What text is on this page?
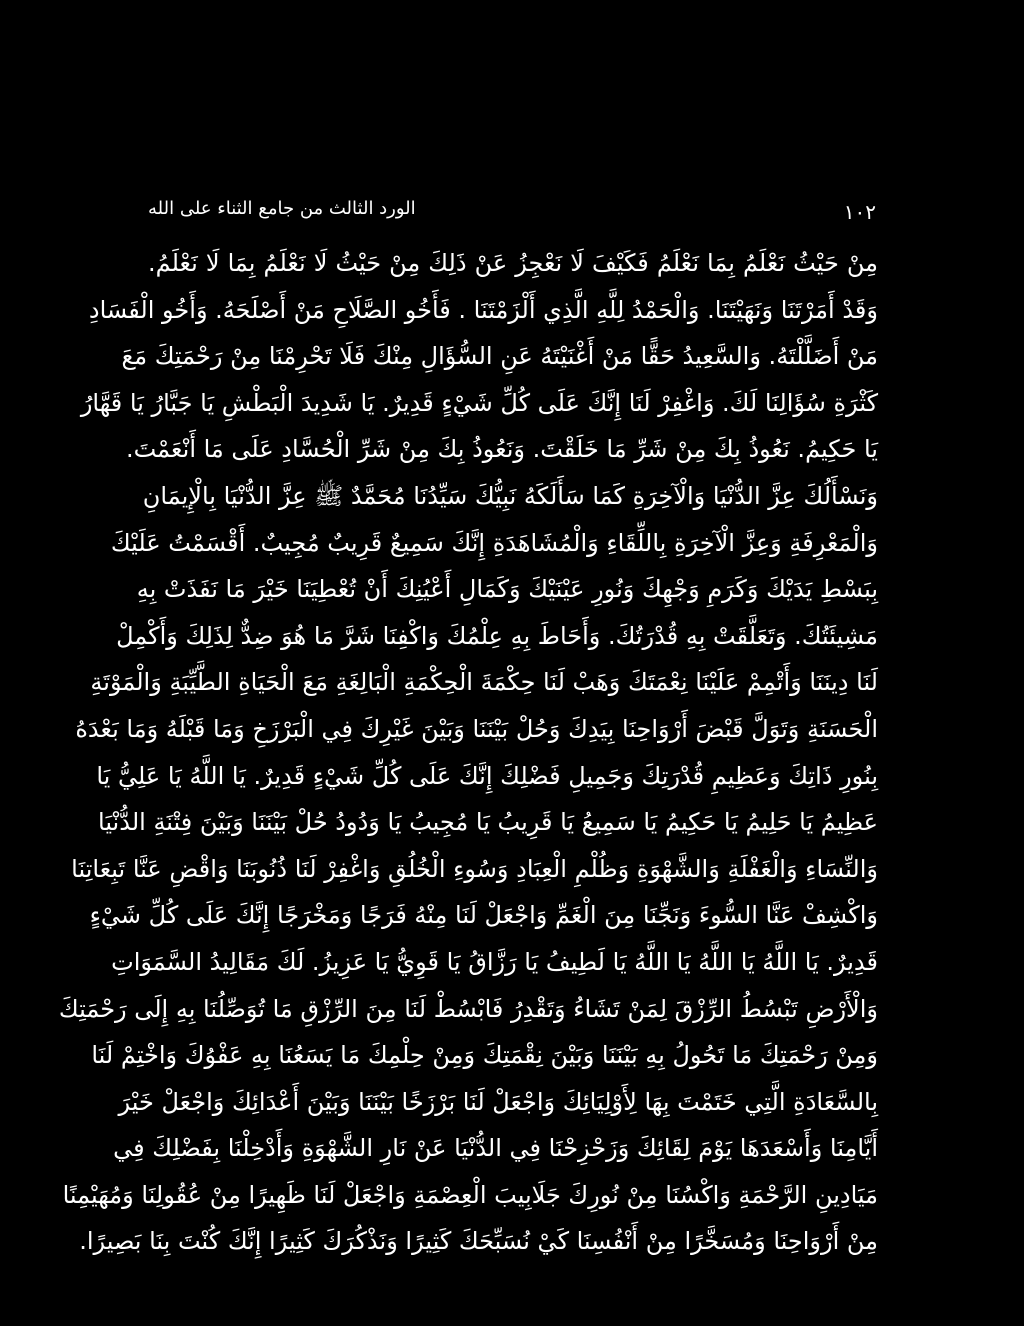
١٠٢
الورد الثالث من جامع الثناء على الله
مِنْ حَيْثُ نَعْلَمُ بِمَا نَعْلَمُ فَكَيْفَ لَا نَعْجِزُ عَنْ ذَلِكَ مِنْ حَيْثُ لَا نَعْلَمُ بِمَا لَا نَعْلَمُ.
وَقَدْ أَمَرْتَنَا وَنَهَيْتَنَا. وَالْحَمْدُ لِلَّهِ الَّذِي أَلْزَمْتَنَا . فَأَخُو الصَّلَاحِ مَنْ أَصْلَحَهُ. وَأَخُو الْفَسَادِ
مَنْ أَضَلَّلْتَهُ. وَالسَّعِيدُ حَقًّا مَنْ أَغْنَيْتَهُ عَنِ السُّؤَالِ مِنْكَ فَلَا تَحْرِمْنَا مِنْ رَحْمَتِكَ مَعَ
كَثْرَةِ سُؤَالِنَا لَكَ. وَاغْفِرْ لَنَا إِنَّكَ عَلَى كُلِّ شَيْءٍ قَدِيرٌ. يَا شَدِيدَ الْبَطْشِ يَا جَبَّارُ يَا قَهَّارُ
يَا حَكِيمُ. نَعُوذُ بِكَ مِنْ شَرِّ مَا خَلَقْتَ. وَنَعُوذُ بِكَ مِنْ شَرِّ الْحُسَّادِ عَلَى مَا أَنْعَمْتَ.
وَنَسْأَلُكَ عِزَّ الدُّنْيَا وَالْآخِرَةِ كَمَا سَأَلَكَهُ نَبِيُّكَ سَيِّدُنَا مُحَمَّدٌ ﷺ عِزَّ الدُّنْيَا بِالْإِيمَانِ
وَالْمَعْرِفَةِ وَعِزَّ الْآخِرَةِ بِاللِّقَاءِ وَالْمُشَاهَدَةِ إِنَّكَ سَمِيعٌ قَرِيبٌ مُجِيبٌ. أَقْسَمْتُ عَلَيْكَ
بِبَسْطِ يَدَيْكَ وَكَرَمِ وَجْهِكَ وَنُورِ عَيْنَيْكَ وَكَمَالِ أَعْيُنِكَ أَنْ تُعْطِيَنَا خَيْرَ مَا نَفَذَتْ بِهِ
مَشِيئَتُكَ. وَتَعَلَّقَتْ بِهِ قُدْرَتُكَ. وَأَحَاطَ بِهِ عِلْمُكَ وَاكْفِنَا شَرَّ مَا هُوَ ضِدٌّ لِذَلِكَ وَأَكْمِلْ
لَنَا دِينَنَا وَأَتْمِمْ عَلَيْنَا نِعْمَتَكَ وَهَبْ لَنَا حِكْمَةَ الْحِكْمَةِ الْبَالِغَةِ مَعَ الْحَيَاةِ الطَّيِّبَةِ وَالْمَوْتَةِ
الْحَسَنَةِ وَتَوَلَّ قَبْضَ أَرْوَاحِنَا بِيَدِكَ وَحُلْ بَيْنَنَا وَبَيْنَ غَيْرِكَ فِي الْبَرْزَخِ وَمَا قَبْلَهُ وَمَا بَعْدَهُ
بِنُورِ ذَاتِكَ وَعَظِيمِ قُدْرَتِكَ وَجَمِيلِ فَضْلِكَ إِنَّكَ عَلَى كُلِّ شَيْءٍ قَدِيرٌ. يَا اللَّهُ يَا عَلِيُّ يَا
عَظِيمُ يَا حَلِيمُ يَا حَكِيمُ يَا سَمِيعُ يَا قَرِيبُ يَا مُجِيبُ يَا وَدُودُ حُلْ بَيْنَنَا وَبَيْنَ فِتْنَةِ الدُّنْيَا
وَالنِّسَاءِ وَالْغَفْلَةِ وَالشَّهْوَةِ وَظُلْمِ الْعِبَادِ وَسُوءِ الْخُلُقِ وَاغْفِرْ لَنَا ذُنُوبَنَا وَاقْضِ عَنَّا تَبِعَاتِنَا
وَاكْشِفْ عَنَّا السُّوءَ وَنَجِّنَا مِنَ الْغَمِّ وَاجْعَلْ لَنَا مِنْهُ فَرَجًا وَمَخْرَجًا إِنَّكَ عَلَى كُلِّ شَيْءٍ
قَدِيرٌ. يَا اللَّهُ يَا اللَّهُ يَا اللَّهُ يَا لَطِيفُ يَا رَزَّاقُ يَا قَوِيُّ يَا عَزِيزُ. لَكَ مَقَالِيدُ السَّمَوَاتِ
وَالْأَرْضِ تَبْسُطُ الرِّزْقَ لِمَنْ تَشَاءُ وَتَقْدِرُ فَابْسُطْ لَنَا مِنَ الرِّزْقِ مَا تُوَصِّلُنَا بِهِ إِلَى رَحْمَتِكَ
وَمِنْ رَحْمَتِكَ مَا تَحُولُ بِهِ بَيْنَنَا وَبَيْنَ نِقْمَتِكَ وَمِنْ حِلْمِكَ مَا يَسَعُنَا بِهِ عَفْوُكَ وَاخْتِمْ لَنَا
بِالسَّعَادَةِ الَّتِي خَتَمْتَ بِهَا لِأَوْلِيَائِكَ وَاجْعَلْ لَنَا بَرْزَخًا بَيْنَنَا وَبَيْنَ أَعْدَائِكَ وَاجْعَلْ خَيْرَ
أَيَّامِنَا وَأَسْعَدَهَا يَوْمَ لِقَائِكَ وَزَحْزِحْنَا فِي الدُّنْيَا عَنْ نَارِ الشَّهْوَةِ وَأَدْخِلْنَا بِفَضْلِكَ فِي
مَيَادِينِ الرَّحْمَةِ وَاكْسُنَا مِنْ نُورِكَ جَلَابِيبَ الْعِصْمَةِ وَاجْعَلْ لَنَا ظَهِيرًا مِنْ عُقُولِنَا وَمُهَيْمِنًا
مِنْ أَرْوَاحِنَا وَمُسَخَّرًا مِنْ أَنْفُسِنَا كَيْ نُسَبِّحَكَ كَثِيرًا وَنَذْكُرَكَ كَثِيرًا إِنَّكَ كُنْتَ بِنَا بَصِيرًا.
